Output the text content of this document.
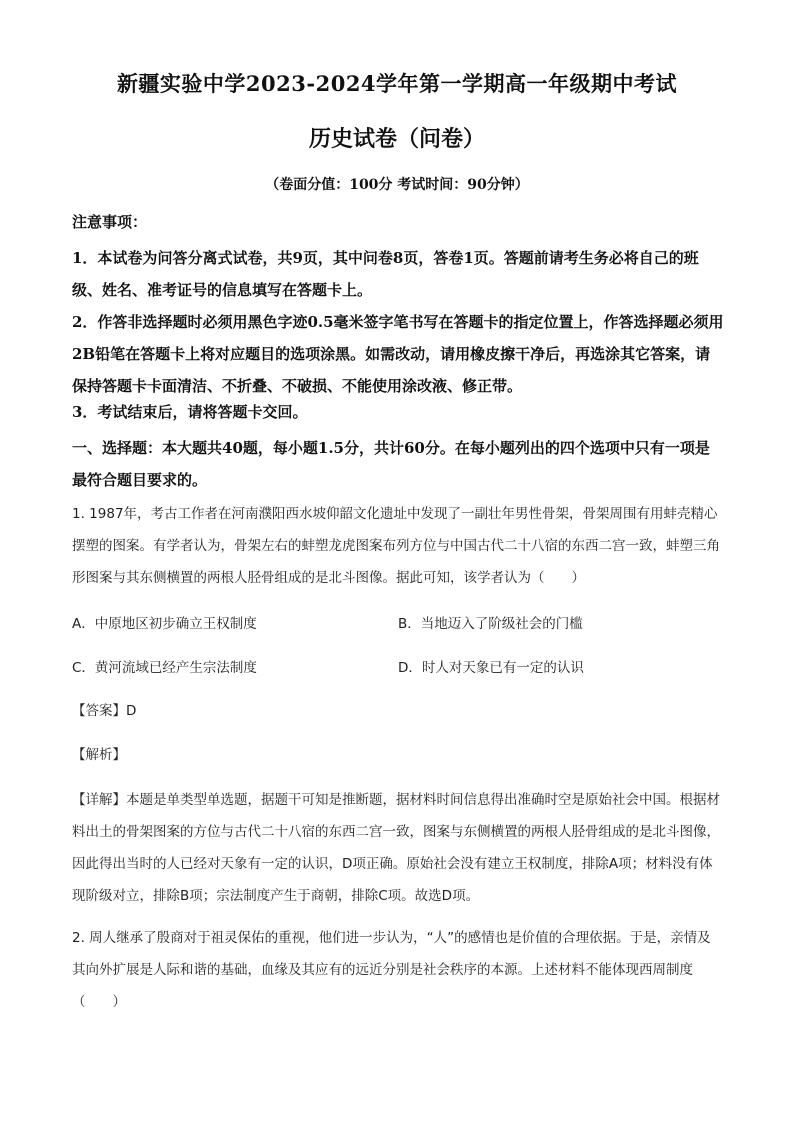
新疆实验中学2023-2024学年第一学期高一年级期中考试
历史试卷（问卷）
（卷面分值：100分 考试时间：90分钟）
注意事项：
1．本试卷为问答分离式试卷，共9页，其中问卷8页，答卷1页。答题前请考生务必将自己的班级、姓名、准考证号的信息填写在答题卡上。
2．作答非选择题时必须用黑色字迹0.5毫米签字笔书写在答题卡的指定位置上，作答选择题必须用2B铅笔在答题卡上将对应题目的选项涂黑。如需改动，请用橡皮擦干净后，再选涂其它答案，请保持答题卡卡面清洁、不折叠、不破损、不能使用涂改液、修正带。
3．考试结束后，请将答题卡交回。
一、选择题：本大题共40题，每小题1.5分，共计60分。在每小题列出的四个选项中只有一项是最符合题目要求的。
1. 1987年，考古工作者在河南濮阳西水坡仰韶文化遗址中发现了一副壮年男性骨架，骨架周围有用蚌壳精心摆塑的图案。有学者认为，骨架左右的蚌塑龙虎图案布列方位与中国古代二十八宿的东西二宫一致，蚌塑三角形图案与其东侧横置的两根人胫骨组成的是北斗图像。据此可知，该学者认为（　　）
A．中原地区初步确立王权制度	B．当地迈入了阶级社会的门槛
C．黄河流域已经产生宗法制度	D．时人对天象已有一定的认识
【答案】D
【解析】
【详解】本题是单类型单选题，据题干可知是推断题，据材料时间信息得出准确时空是原始社会中国。根据材料出土的骨架图案的方位与古代二十八宿的东西二宫一致，图案与东侧横置的两根人胫骨组成的是北斗图像，因此得出当时的人已经对天象有一定的认识，D项正确。原始社会没有建立王权制度，排除A项；材料没有体现阶级对立，排除B项；宗法制度产生于商朝，排除C项。故选D项。
2. 周人继承了殷商对于祖灵保佑的重视，他们进一步认为，“人”的感情也是价值的合理依据。于是，亲情及其向外扩展是人际和谐的基础，血缘及其应有的远近分别是社会秩序的本源。上述材料不能体现西周制度（　　）
